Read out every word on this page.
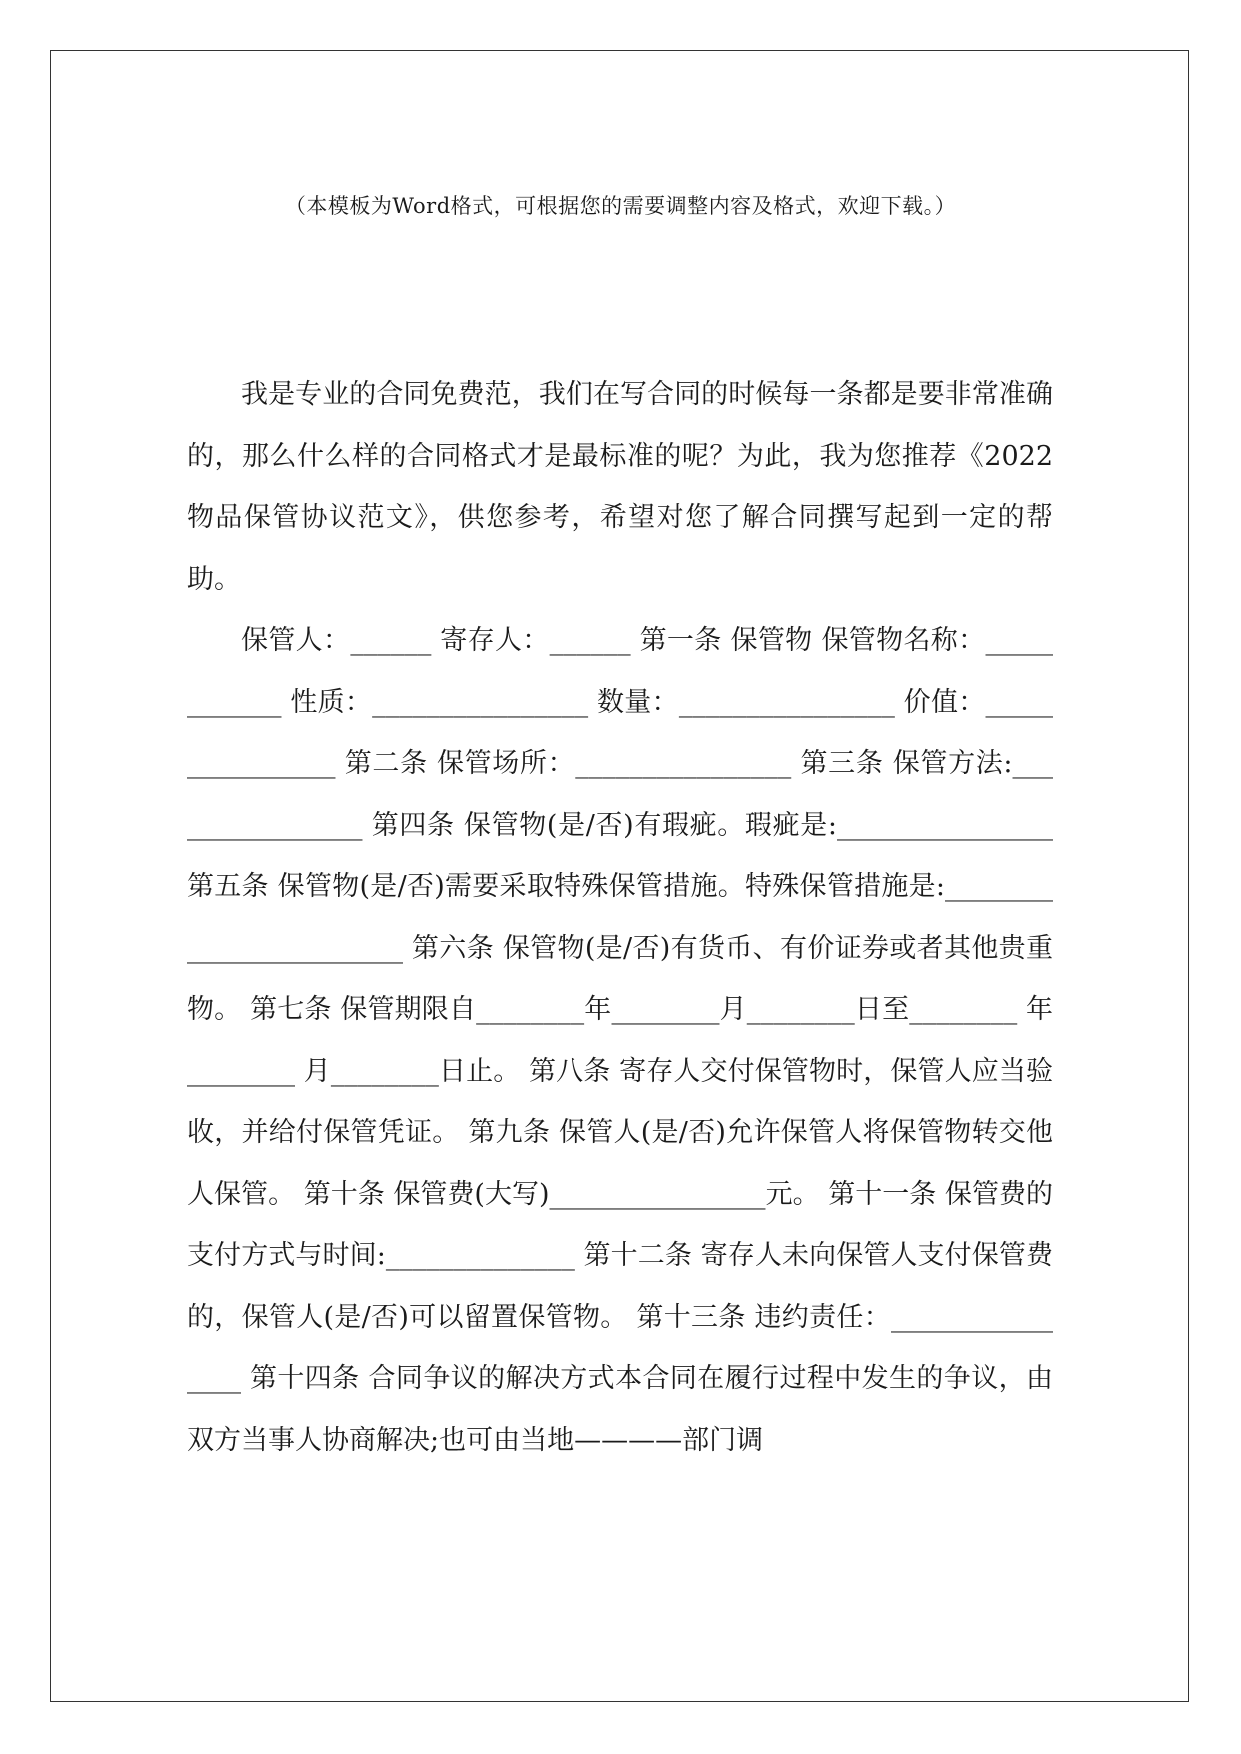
（本模板为Word格式，可根据您的需要调整内容及格式，欢迎下载。）

我是专业的合同免费范，我们在写合同的时候每一条都是要非常准确的，那么什么样的合同格式才是最标准的呢？为此，我为您推荐《2022物品保管协议范文》，供您参考，希望对您了解合同撰写起到一定的帮助。

保管人：______ 寄存人：______ 第一条 保管物 保管物名称：____________ 性质：________________ 数量：________________ 价值：________________ 第二条 保管场所：________________ 第三条 保管方法:________________ 第四条 保管物(是/否)有瑕疵。瑕疵是:________________ 第五条 保管物(是/否)需要采取特殊保管措施。特殊保管措施是:________________________ 第六条 保管物(是/否)有货币、有价证券或者其他贵重物。 第七条 保管期限自________年________月________日至________ 年________ 月________日止。 第八条 寄存人交付保管物时，保管人应当验收，并给付保管凭证。 第九条 保管人(是/否)允许保管人将保管物转交他人保管。 第十条 保管费(大写)________________元。 第十一条 保管费的支付方式与时间:______________ 第十二条 寄存人未向保管人支付保管费的，保管人(是/否)可以留置保管物。 第十三条 违约责任：________________ 第十四条 合同争议的解决方式本合同在履行过程中发生的争议，由双方当事人协商解决;也可由当地————部门调
